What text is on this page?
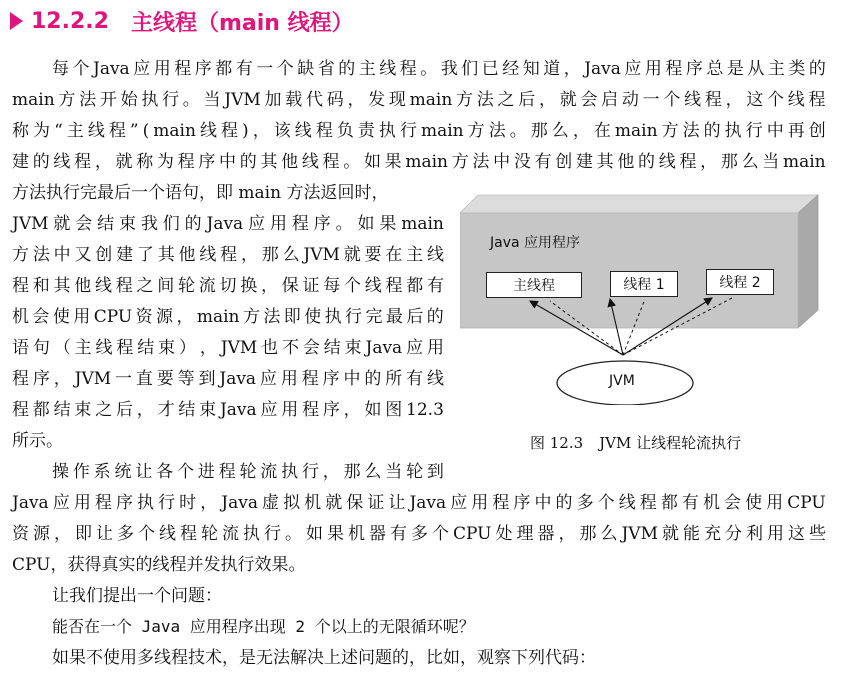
12.2.2 主线程（main 线程）
每 个 Java 应 用 程 序 都 有 一 个 缺 省 的 主 线 程 。 我 们 已 经 知 道 ， Java 应 用 程 序 总 是 从 主 类 的
main 方 法 开 始 执 行 。 当 JVM 加 载 代 码 ， 发 现 main 方 法 之 后 ， 就 会 启 动 一 个 线 程 ， 这 个 线 程
称 为 “ 主 线 程 ” ( main 线 程 ) ， 该 线 程 负 责 执 行 main 方 法 。 那 么 ， 在 main 方 法 的 执 行 中 再 创
建 的 线 程 ， 就 称 为 程 序 中 的 其 他 线 程 。 如 果 main 方 法 中 没 有 创 建 其 他 的 线 程 ， 那 么 当 main
方法执行完最后一个语句，即 main 方法返回时，
JVM 就 会 结 束 我 们 的 Java 应 用 程 序 。 如 果 main
方 法 中 又 创 建 了 其 他 线 程 ， 那 么 JVM 就 要 在 主 线
程 和 其 他 线 程 之 间 轮 流 切 换 ， 保 证 每 个 线 程 都 有
机 会 使 用 CPU 资 源 ， main 方 法 即 使 执 行 完 最 后 的
语 句 （ 主 线 程 结 束 ） ， JVM 也 不 会 结 束 Java 应 用
程 序 ， JVM 一 直 要 等 到 Java 应 用 程 序 中 的 所 有 线
程 都 结 束 之 后 ， 才 结 束 Java 应 用 程 序 ， 如 图 12.3
所示。
操 作 系 统 让 各 个 进 程 轮 流 执 行 ， 那 么 当 轮 到
Java 应 用 程 序 执 行 时 ， Java 虚 拟 机 就 保 证 让 Java 应 用 程 序 中 的 多 个 线 程 都 有 机 会 使 用 CPU
资 源 ， 即 让 多 个 线 程 轮 流 执 行 。 如 果 机 器 有 多 个 CPU 处 理 器 ， 那 么 JVM 就 能 充 分 利 用 这 些
CPU，获得真实的线程并发执行效果。
让我们提出一个问题：
能否在一个 Java 应用程序出现 2 个以上的无限循环呢？
如果不使用多线程技术，是无法解决上述问题的，比如，观察下列代码：
Java 应用程序
主线程	线程 1	线程 2
JVM
图 12.3 JVM 让线程轮流执行
